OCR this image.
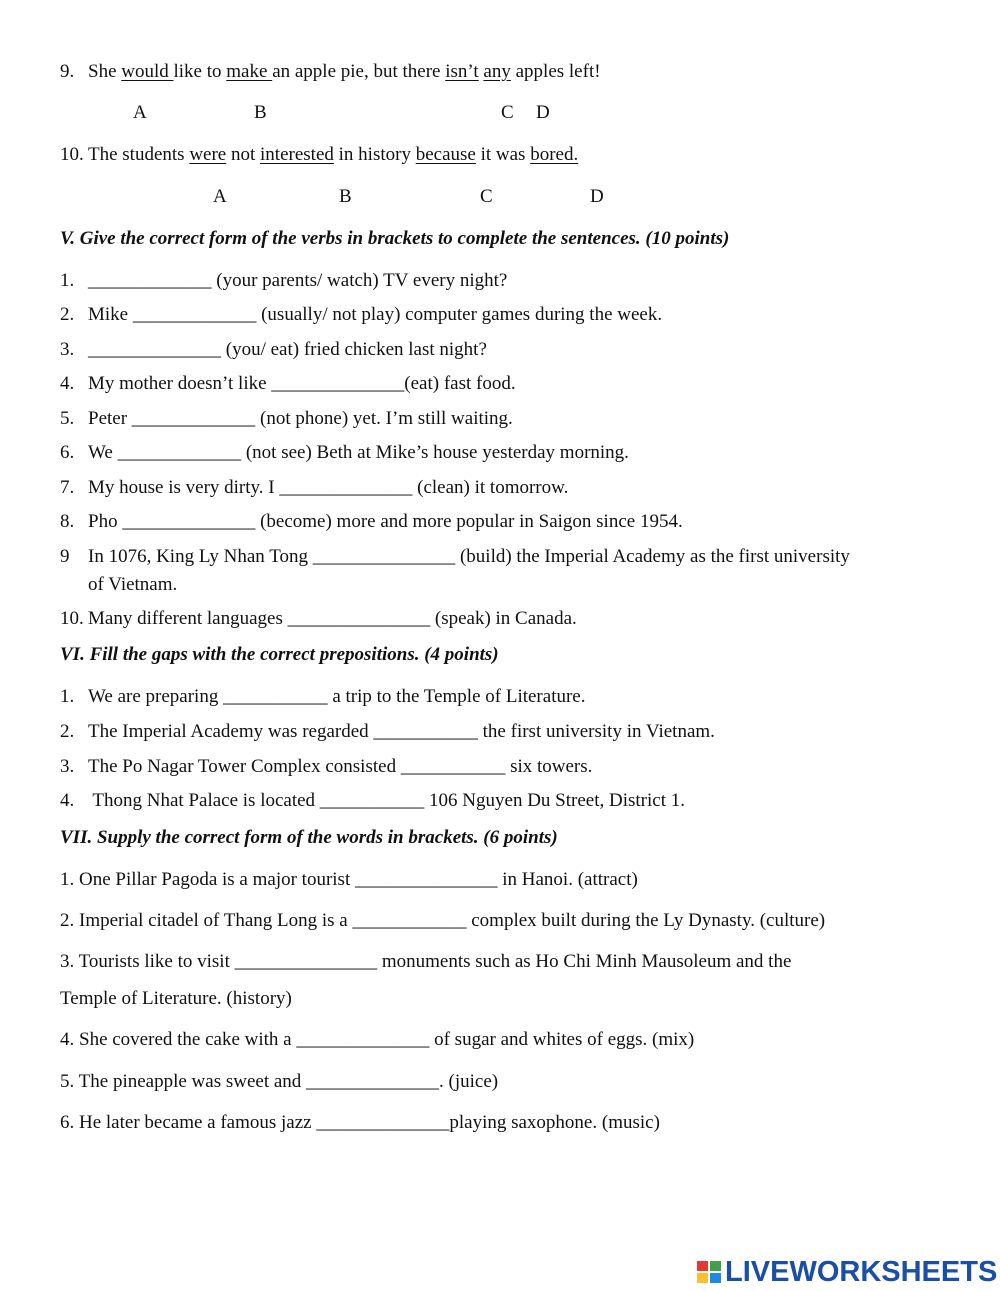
9. She would like to make an apple pie, but there isn’t any apples left!
A	B	C D
10. The students were not interested in history because it was bored.
A	B	C	D
V. Give the correct form of the verbs in brackets to complete the sentences. (10 points)
1. _____________ (your parents/ watch) TV every night?
2. Mike _____________ (usually/ not play) computer games during the week.
3. ______________ (you/ eat) fried chicken last night?
4. My mother doesn’t like ______________(eat) fast food.
5. Peter _____________ (not phone) yet. I’m still waiting.
6. We _____________ (not see) Beth at Mike’s house yesterday morning.
7. My house is very dirty. I ______________ (clean) it tomorrow.
8. Pho ______________ (become) more and more popular in Saigon since 1954.
9 In 1076, King Ly Nhan Tong _______________ (build) the Imperial Academy as the first university
of Vietnam.
10. Many different languages _______________ (speak) in Canada.
VI. Fill the gaps with the correct prepositions. (4 points)
1. We are preparing ___________ a trip to the Temple of Literature.
2. The Imperial Academy was regarded ___________ the first university in Vietnam.
3. The Po Nagar Tower Complex consisted ___________ six towers.
4. Thong Nhat Palace is located ___________ 106 Nguyen Du Street, District 1.
VII. Supply the correct form of the words in brackets. (6 points)
1. One Pillar Pagoda is a major tourist _______________ in Hanoi. (attract)
2. Imperial citadel of Thang Long is a ____________ complex built during the Ly Dynasty. (culture)
3. Tourists like to visit _______________ monuments such as Ho Chi Minh Mausoleum and the
Temple of Literature. (history)
4. She covered the cake with a ______________ of sugar and whites of eggs. (mix)
5. The pineapple was sweet and ______________. (juice)
6. He later became a famous jazz ______________playing saxophone. (music)
LIVEWORKSHEETS
